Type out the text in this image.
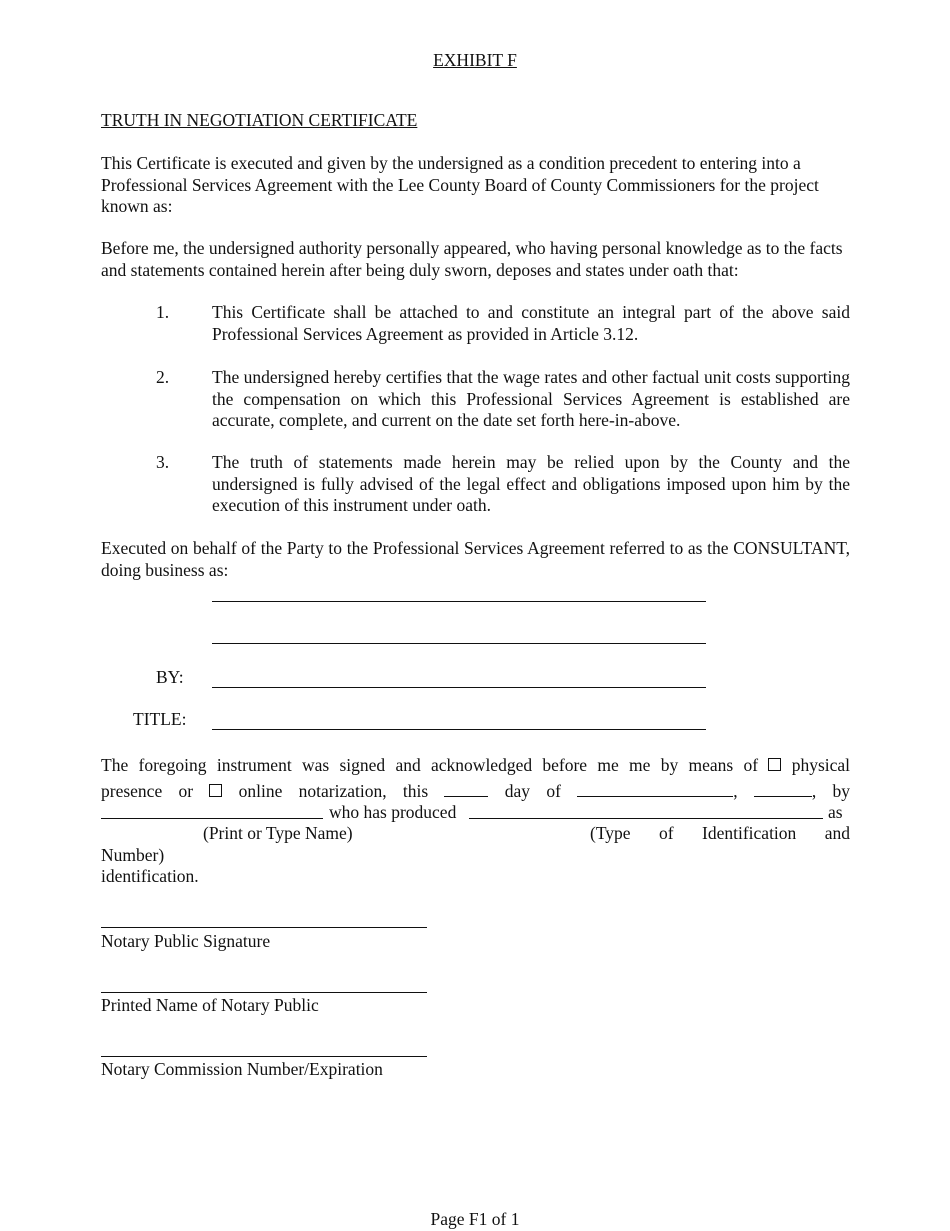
EXHIBIT F
TRUTH IN NEGOTIATION CERTIFICATE
This Certificate is executed and given by the undersigned as a condition precedent to entering into a Professional Services Agreement with the Lee County Board of County Commissioners for the project known as:
Before me, the undersigned authority personally appeared, who having personal knowledge as to the facts and statements contained herein after being duly sworn, deposes and states under oath that:
1. This Certificate shall be attached to and constitute an integral part of the above said Professional Services Agreement as provided in Article 3.12.
2. The undersigned hereby certifies that the wage rates and other factual unit costs supporting the compensation on which this Professional Services Agreement is established are accurate, complete, and current on the date set forth here-in-above.
3. The truth of statements made herein may be relied upon by the County and the undersigned is fully advised of the legal effect and obligations imposed upon him by the execution of this instrument under oath.
Executed on behalf of the Party to the Professional Services Agreement referred to as the CONSULTANT, doing business as:
BY:
TITLE:
The foregoing instrument was signed and acknowledged before me me by means of physical
presence or	online notarization, this	day of	,	, by
who has produced	as
(Print or Type Name)	(Type of Identification and
Number)
identification.
Notary Public Signature
Printed Name of Notary Public
Notary Commission Number/Expiration
Page F1 of 1
